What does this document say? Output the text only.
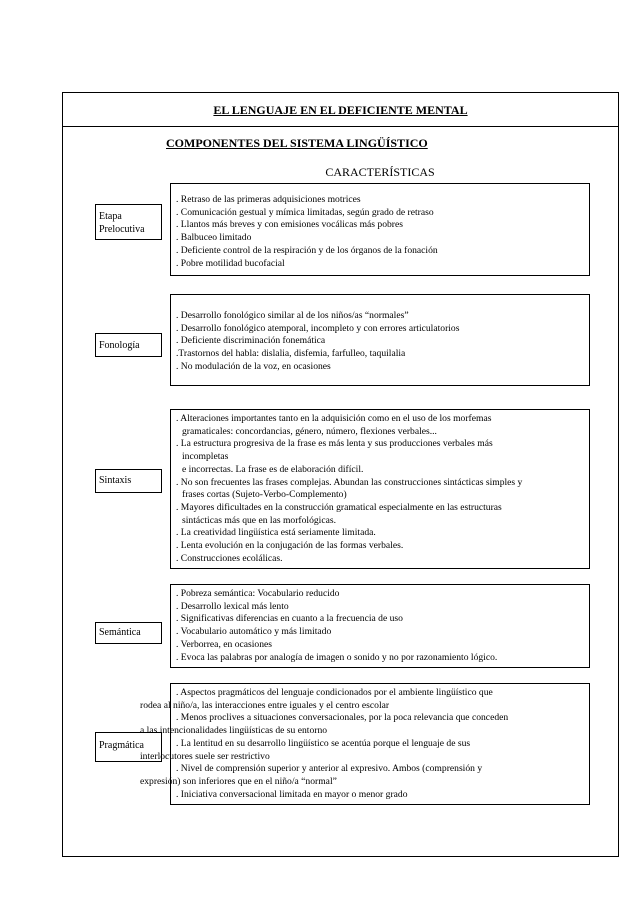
EL LENGUAJE EN EL DEFICIENTE MENTAL
COMPONENTES DEL SISTEMA LINGÜÍSTICO
CARACTERÍSTICAS
Etapa
Prelocutiva
. Retraso de las primeras adquisiciones motrices
. Comunicación gestual y mímica limitadas, según grado de retraso
. Llantos más breves y con emisiones vocálicas más pobres
. Balbuceo limitado
. Deficiente control de la respiración y de los órganos de la fonación
. Pobre motilidad bucofacial
Fonología
. Desarrollo fonológico similar al de los niños/as “normales”
. Desarrollo fonológico atemporal, incompleto y con errores articulatorios
. Deficiente discriminación fonemática
.Trastornos del habla: dislalia, disfemia, farfulleo, taquilalia
. No modulación de la voz, en ocasiones
Sintaxis
. Alteraciones importantes tanto en la adquisición como en el uso de los morfemas
gramaticales: concordancias, género, número, flexiones verbales...
. La estructura progresiva de la frase es más lenta y sus producciones verbales más
incompletas
e incorrectas. La frase es de elaboración difícil.
. No son frecuentes las frases complejas. Abundan las construcciones sintácticas simples y
frases cortas (Sujeto-Verbo-Complemento)
. Mayores dificultades en la construcción gramatical especialmente en las estructuras
sintácticas más que en las morfológicas.
. La creatividad lingüística está seriamente limitada.
. Lenta evolución en la conjugación de las formas verbales.
. Construcciones ecolálicas.
Semántica
. Pobreza semántica: Vocabulario reducido
. Desarrollo lexical más lento
. Significativas diferencias en cuanto a la frecuencia de uso
. Vocabulario automático y más limitado
. Verborrea, en ocasiones
. Evoca las palabras por analogía de imagen o sonido y no por razonamiento lógico.
Pragmática
. Aspectos pragmáticos del lenguaje condicionados por el ambiente lingüístico que
rodea al niño/a, las interacciones entre iguales y el centro escolar
. Menos proclives a situaciones conversacionales, por la poca relevancia que conceden
a las intencionalidades lingüísticas de su entorno
. La lentitud en su desarrollo lingüístico se acentúa porque el lenguaje de sus
interlocutores suele ser restrictivo
. Nivel de comprensión superior y anterior al expresivo. Ambos (comprensión y
expresión) son inferiores que en el niño/a “normal”
. Iniciativa conversacional limitada en mayor o menor grado
